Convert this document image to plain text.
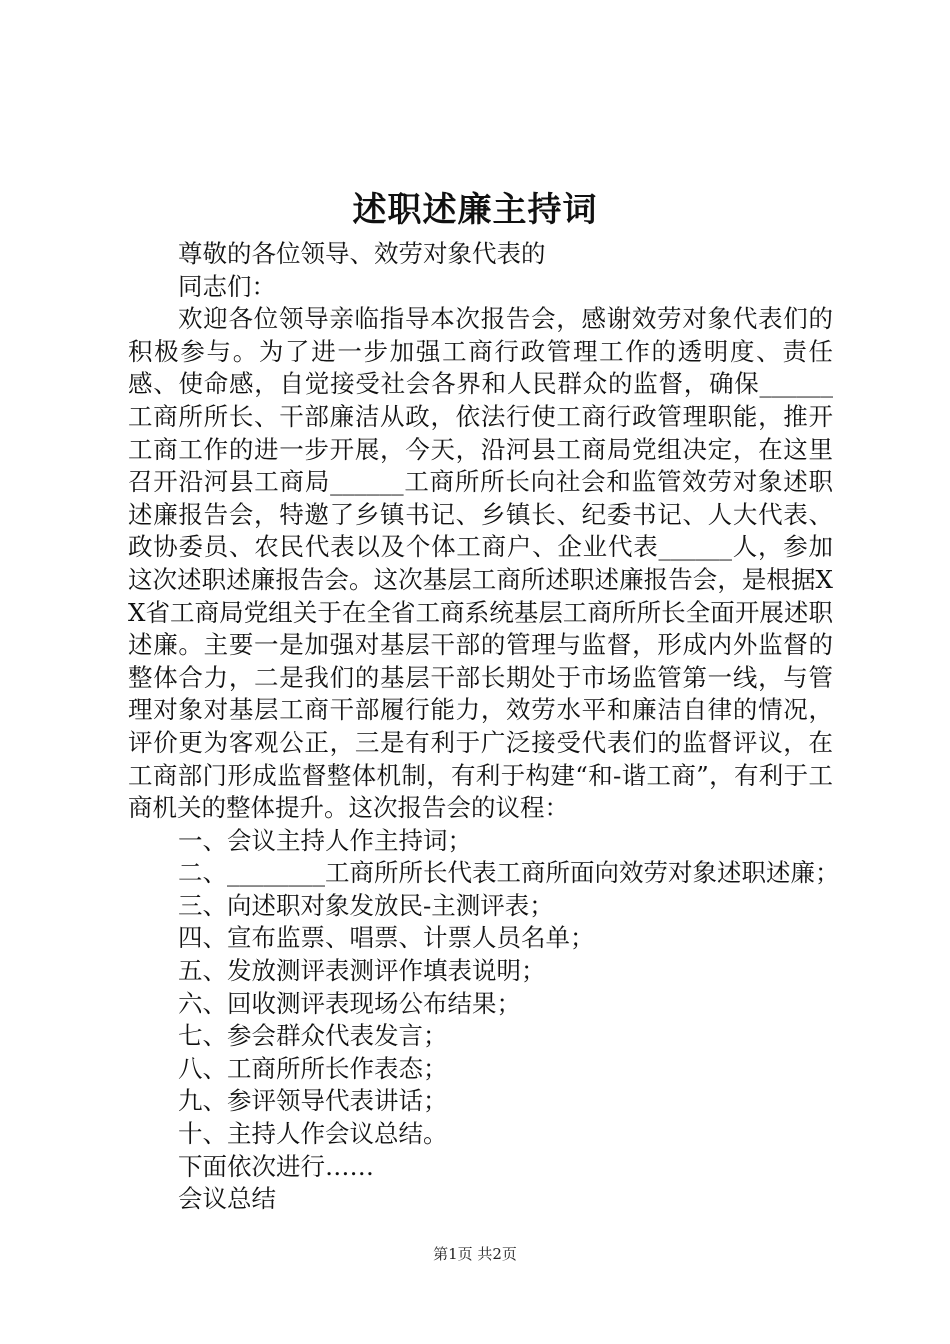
述职述廉主持词

尊敬的各位领导、效劳对象代表的

同志们：

欢迎各位领导亲临指导本次报告会，感谢效劳对象代表们的积极参与。为了进一步加强工商行政管理工作的透明度、责任感、使命感，自觉接受社会各界和人民群众的监督，确保______工商所所长、干部廉洁从政，依法行使工商行政管理职能，推开工商工作的进一步开展，今天，沿河县工商局党组决定，在这里召开沿河县工商局______工商所所长向社会和监管效劳对象述职述廉报告会，特邀了乡镇书记、乡镇长、纪委书记、人大代表、政协委员、农民代表以及个体工商户、企业代表______人，参加这次述职述廉报告会。这次基层工商所述职述廉报告会，是根据XX省工商局党组关于在全省工商系统基层工商所所长全面开展述职述廉。主要一是加强对基层干部的管理与监督，形成内外监督的整体合力，二是我们的基层干部长期处于市场监管第一线，与管理对象对基层工商干部履行能力，效劳水平和廉洁自律的情况，评价更为客观公正，三是有利于广泛接受代表们的监督评议，在工商部门形成监督整体机制，有利于构建“和-谐工商”，有利于工商机关的整体提升。这次报告会的议程：

一、会议主持人作主持词；

二、________工商所所长代表工商所面向效劳对象述职述廉；

三、向述职对象发放民-主测评表；

四、宣布监票、唱票、计票人员名单；

五、发放测评表测评作填表说明；

六、回收测评表现场公布结果；

七、参会群众代表发言；

八、工商所所长作表态；

九、参评领导代表讲话；

十、主持人作会议总结。

下面依次进行……

会议总结

第1页 共2页
